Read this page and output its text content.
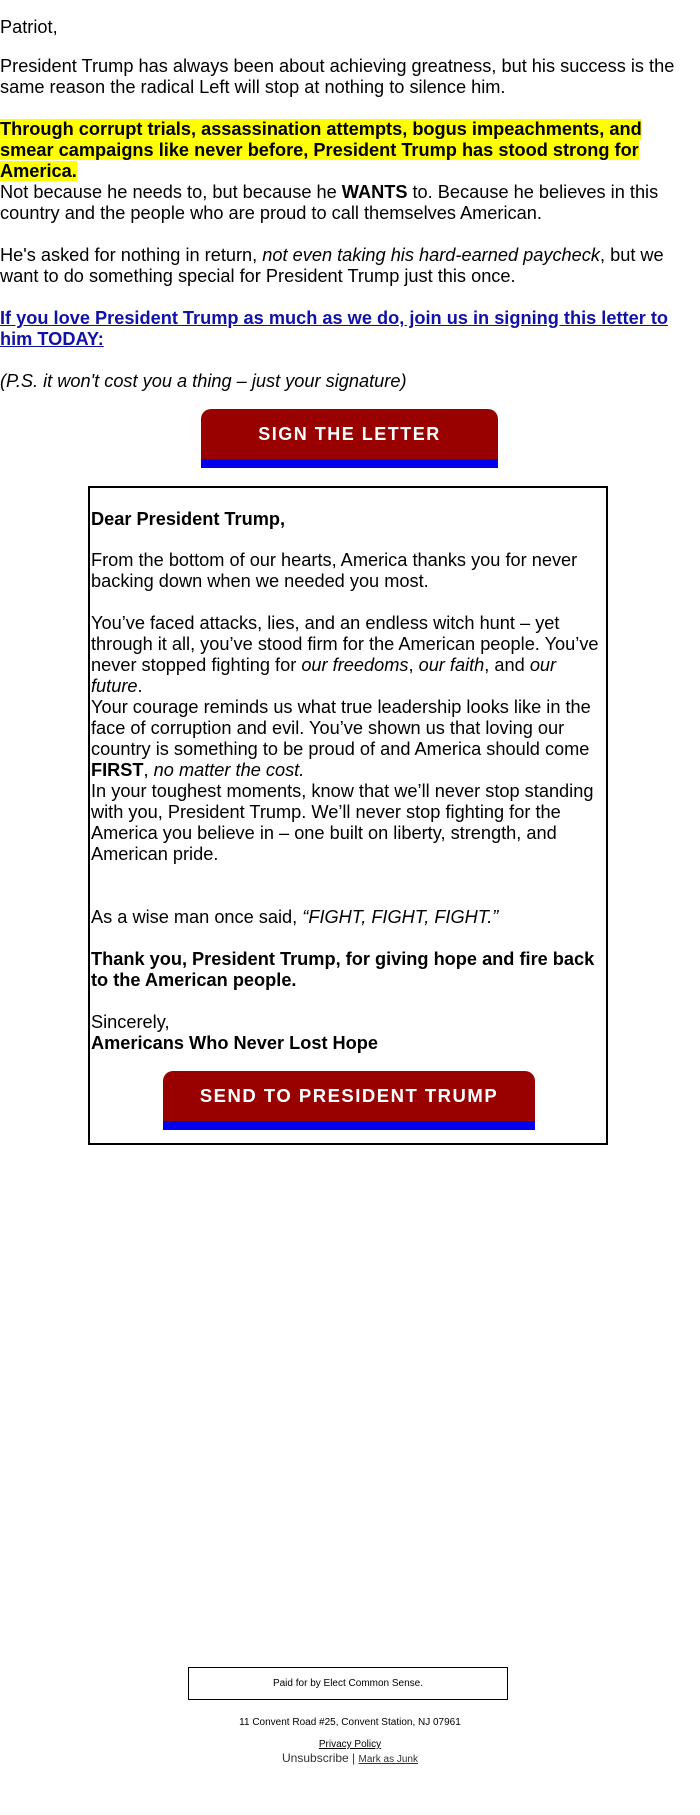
Patriot,

President Trump has always been about achieving greatness, but his success is the same reason the radical Left will stop at nothing to silence him.

Through corrupt trials, assassination attempts, bogus impeachments, and smear campaigns like never before, President Trump has stood strong for America.

Not because he needs to, but because he WANTS to. Because he believes in this country and the people who are proud to call themselves American.

He's asked for nothing in return, not even taking his hard-earned paycheck, but we want to do something special for President Trump just this once.

If you love President Trump as much as we do, join us in signing this letter to him TODAY:

(P.S. it won't cost you a thing – just your signature)

SIGN THE LETTER

Dear President Trump,

From the bottom of our hearts, America thanks you for never backing down when we needed you most.

You’ve faced attacks, lies, and an endless witch hunt – yet through it all, you’ve stood firm for the American people. You’ve never stopped fighting for our freedoms, our faith, and our future.

Your courage reminds us what true leadership looks like in the face of corruption and evil. You’ve shown us that loving our country is something to be proud of and America should come FIRST, no matter the cost.

In your toughest moments, know that we’ll never stop standing with you, President Trump. We’ll never stop fighting for the America you believe in – one built on liberty, strength, and American pride.

As a wise man once said, “FIGHT, FIGHT, FIGHT.”

Thank you, President Trump, for giving hope and fire back to the American people.

Sincerely,
Americans Who Never Lost Hope

SEND TO PRESIDENT TRUMP
Paid for by Elect Common Sense.
11 Convent Road #25, Convent Station, NJ 07961
Privacy Policy
Unsubscribe | Mark as Junk
